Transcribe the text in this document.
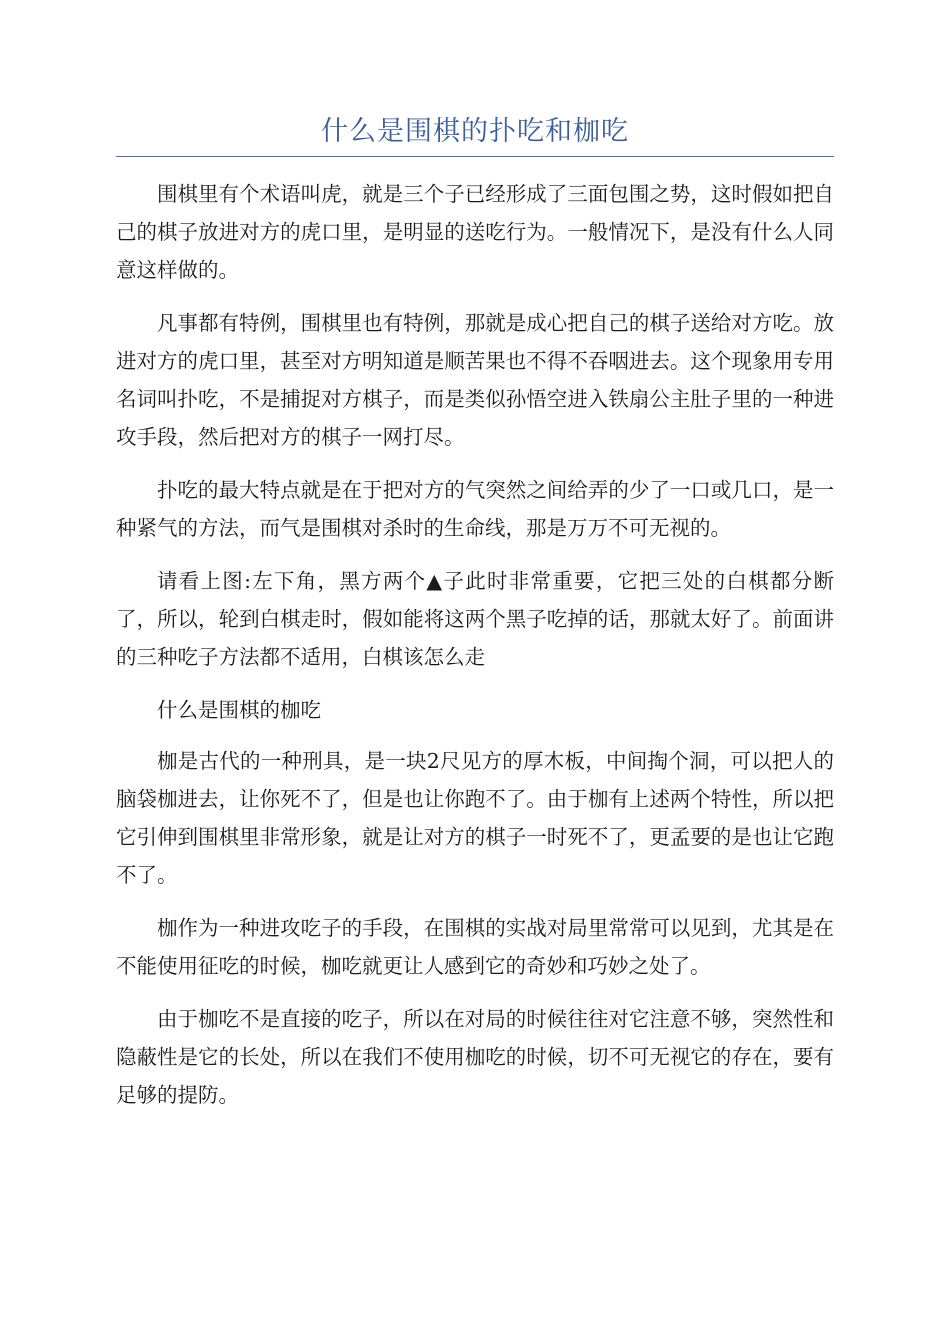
什么是围棋的扑吃和枷吃

围棋里有个术语叫虎，就是三个子已经形成了三面包围之势，这时假如把自己的棋子放进对方的虎口里，是明显的送吃行为。一般情况下，是没有什么人同意这样做的。

凡事都有特例，围棋里也有特例，那就是成心把自己的棋子送给对方吃。放进对方的虎口里，甚至对方明知道是顺苦果也不得不吞咽进去。这个现象用专用名词叫扑吃，不是捕捉对方棋子，而是类似孙悟空进入铁扇公主肚子里的一种进攻手段，然后把对方的棋子一网打尽。

扑吃的最大特点就是在于把对方的气突然之间给弄的少了一口或几口，是一种紧气的方法，而气是围棋对杀时的生命线，那是万万不可无视的。

请看上图:左下角，黑方两个▲子此时非常重要，它把三处的白棋都分断了，所以，轮到白棋走时，假如能将这两个黑子吃掉的话，那就太好了。前面讲的三种吃子方法都不适用，白棋该怎么走

什么是围棋的枷吃

枷是古代的一种刑具，是一块2尺见方的厚木板，中间掏个洞，可以把人的脑袋枷进去，让你死不了，但是也让你跑不了。由于枷有上述两个特性，所以把它引伸到围棋里非常形象，就是让对方的棋子一时死不了，更孟要的是也让它跑不了。

枷作为一种进攻吃子的手段，在围棋的实战对局里常常可以见到，尤其是在不能使用征吃的时候，枷吃就更让人感到它的奇妙和巧妙之处了。

由于枷吃不是直接的吃子，所以在对局的时候往往对它注意不够，突然性和隐蔽性是它的长处，所以在我们不使用枷吃的时候，切不可无视它的存在，要有足够的提防。
